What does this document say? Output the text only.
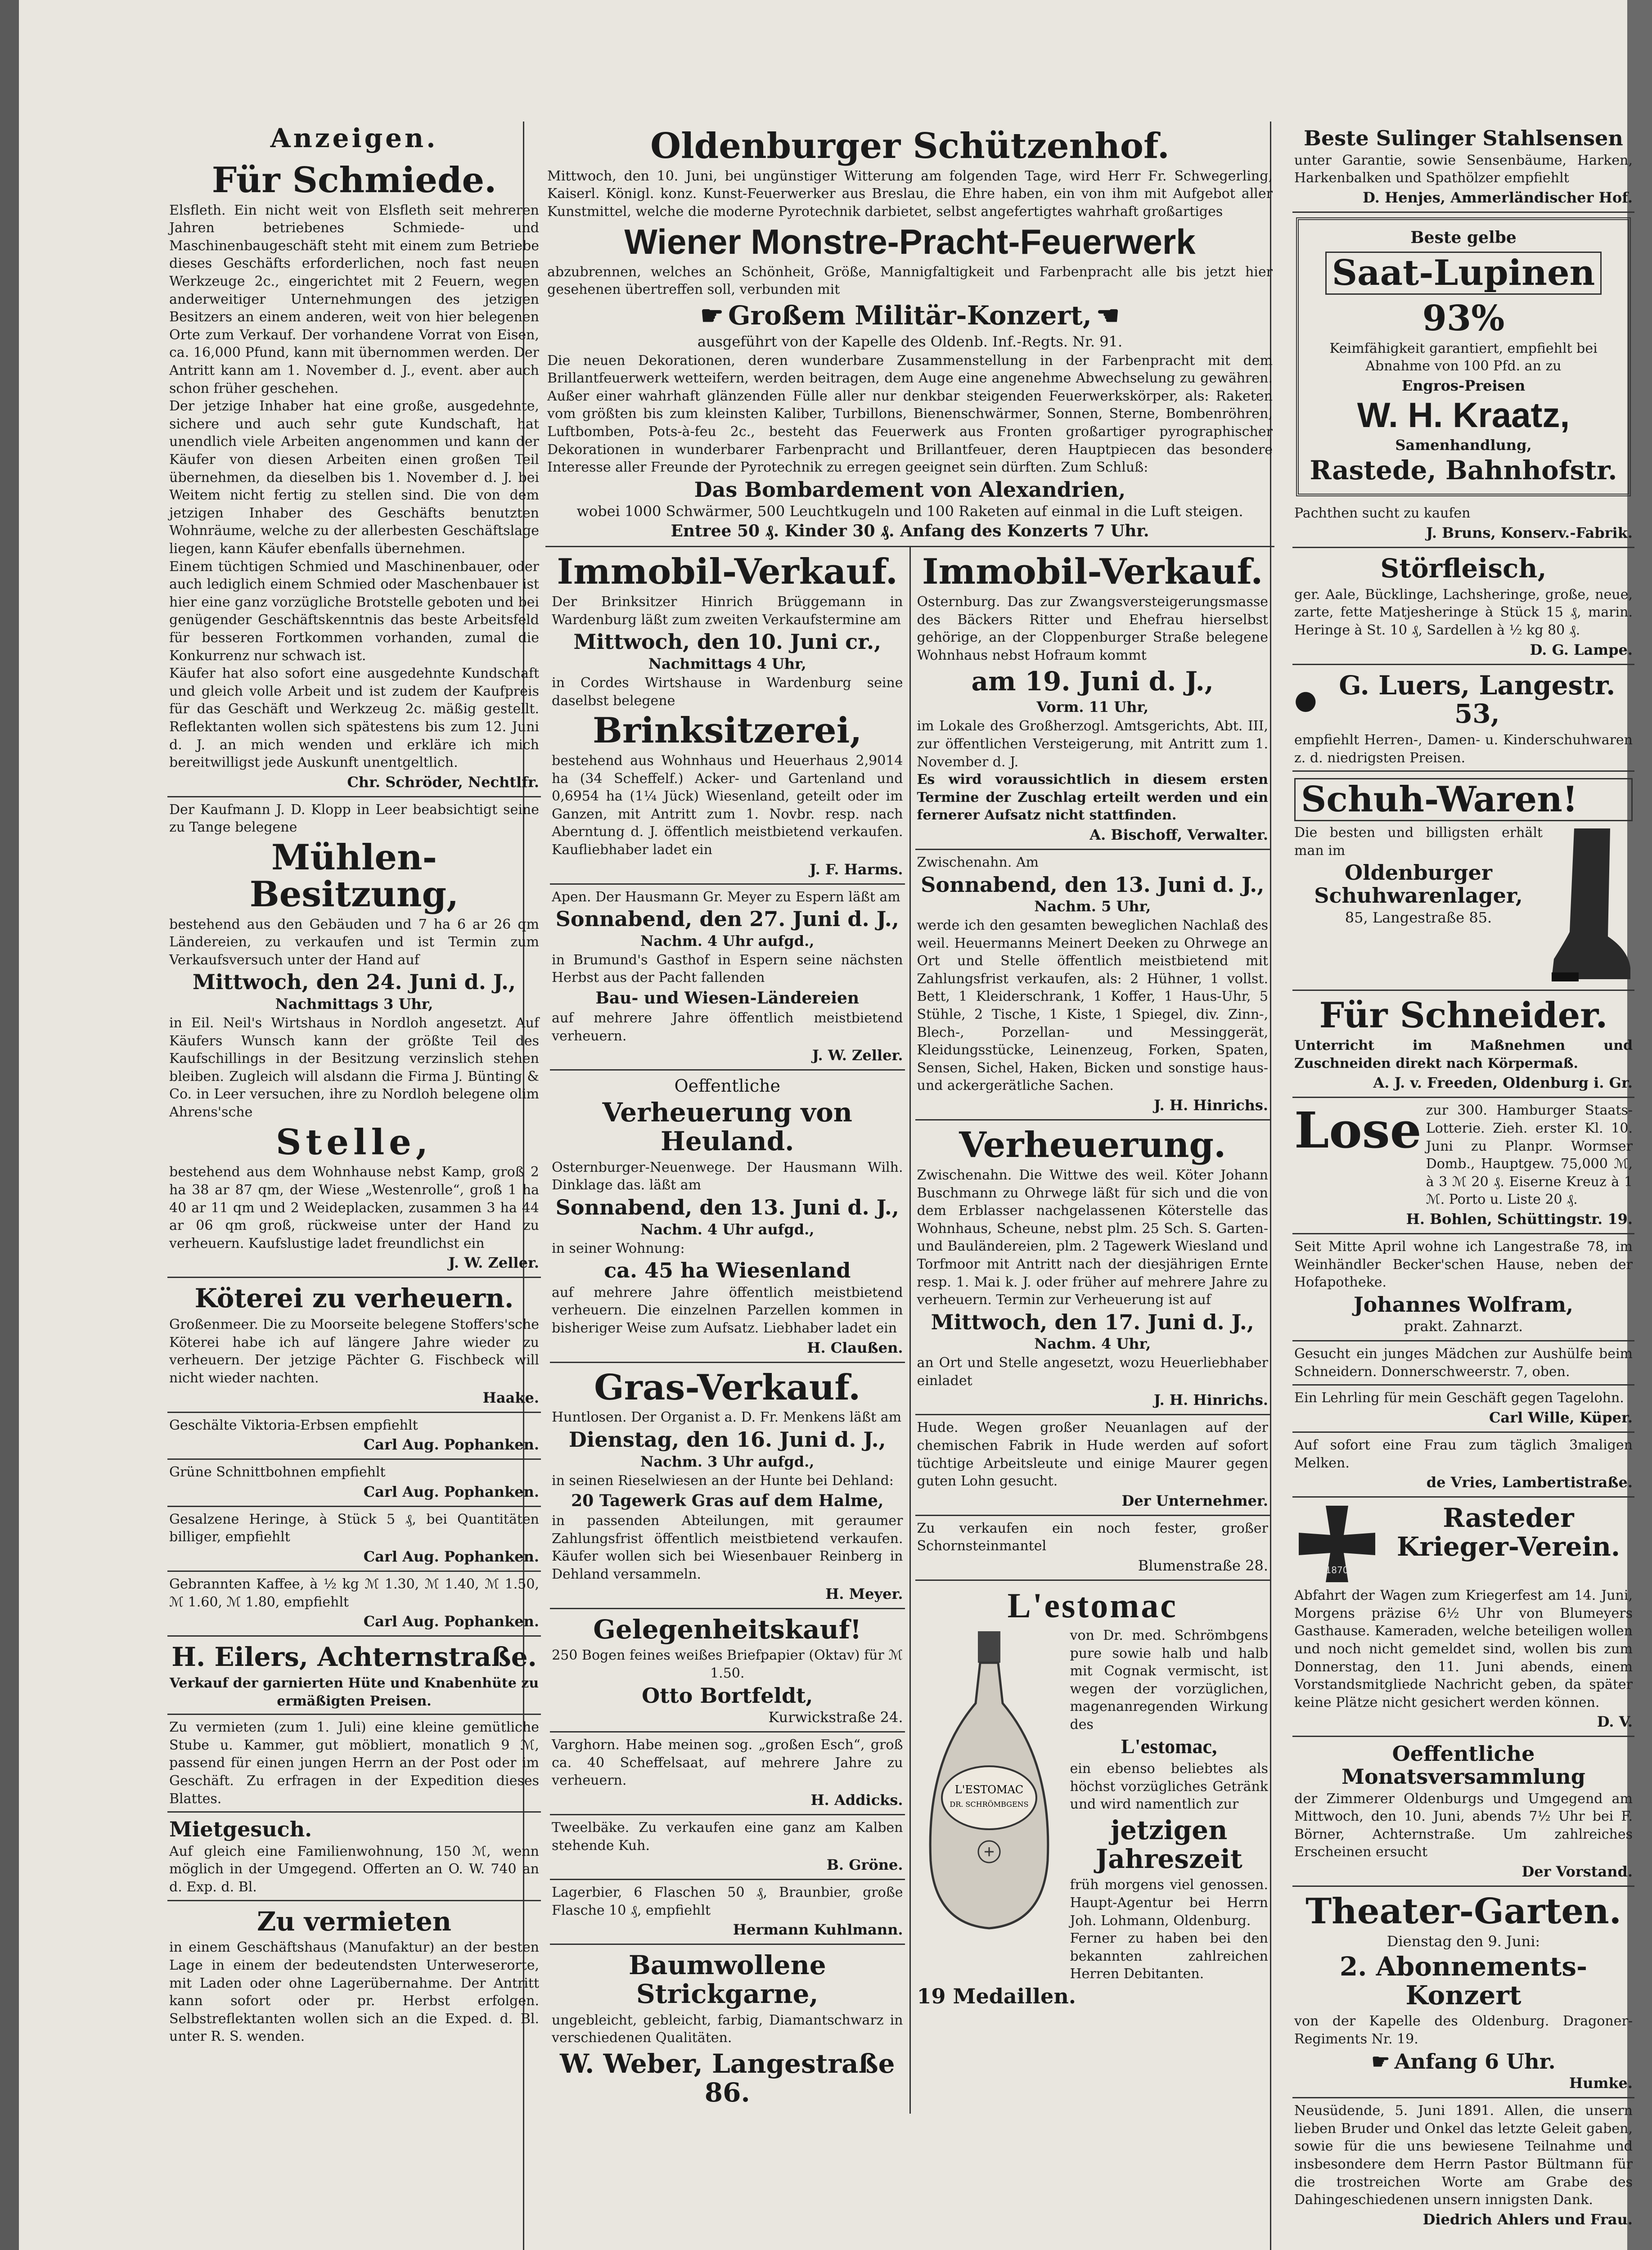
Anzeigen.
Für Schmiede.

Elsfleth. Ein nicht weit von Elsfleth seit mehreren Jahren betriebenes Schmiede- und Maschinenbaugeschäft steht mit einem zum Betriebe dieses Geschäfts erforderlichen, noch fast neuen Werkzeuge 2c., eingerichtet mit 2 Feuern, wegen anderweitiger Unternehmungen des jetzigen Besitzers an einem anderen, weit von hier belegenen Orte zum Verkauf. Der vorhandene Vorrat von Eisen, ca. 16,000 Pfund, kann mit übernommen werden. Der Antritt kann am 1. November d. J., event. aber auch schon früher geschehen.

Der jetzige Inhaber hat eine große, ausgedehnte, sichere und auch sehr gute Kundschaft, hat unendlich viele Arbeiten angenommen und kann der Käufer von diesen Arbeiten einen großen Teil übernehmen, da dieselben bis 1. November d. J. bei Weitem nicht fertig zu stellen sind. Die von dem jetzigen Inhaber des Geschäfts benutzten Wohnräume, welche zu der allerbesten Geschäftslage liegen, kann Käufer ebenfalls übernehmen.

Einem tüchtigen Schmied und Maschinenbauer, oder auch lediglich einem Schmied oder Maschenbauer ist hier eine ganz vorzügliche Brotstelle geboten und bei genügender Geschäftskenntnis das beste Arbeitsfeld für besseren Fortkommen vorhanden, zumal die Konkurrenz nur schwach ist.

Käufer hat also sofort eine ausgedehnte Kundschaft und gleich volle Arbeit und ist zudem der Kaufpreis für das Geschäft und Werkzeug 2c. mäßig gestellt. Reflektanten wollen sich spätestens bis zum 12. Juni d. J. an mich wenden und erkläre ich mich bereitwilligst jede Auskunft unentgeltlich.

Chr. Schröder, Nechtlfr.

Der Kaufmann J. D. Klopp in Leer beabsichtigt seine zu Tange belegene

Mühlen-Besitzung,

bestehend aus den Gebäuden und 7 ha 6 ar 26 qm Ländereien, zu verkaufen und ist Termin zum Verkaufsversuch unter der Hand auf

Mittwoch, den 24. Juni d. J.,
Nachmittags 3 Uhr,

in Eil. Neil's Wirtshaus in Nordloh angesetzt. Auf Käufers Wunsch kann der größte Teil des Kaufschillings in der Besitzung verzinslich stehen bleiben. Zugleich will alsdann die Firma J. Bünting & Co. in Leer versuchen, ihre zu Nordloh belegene olim Ahrens'sche

Stelle,

bestehend aus dem Wohnhause nebst Kamp, groß 2 ha 38 ar 87 qm, der Wiese „Westenrolle“, groß 1 ha 40 ar 11 qm und 2 Weideplacken, zusammen 3 ha 44 ar 06 qm groß, rückweise unter der Hand zu verheuern. Kaufslustige ladet freundlichst ein

J. W. Zeller.
Köterei zu verheuern.

Großenmeer. Die zu Moorseite belegene Stoffers'sche Köterei habe ich auf längere Jahre wieder zu verheuern. Der jetzige Pächter G. Fischbeck will nicht wieder nachten.

Haake.

Geschälte Viktoria-Erbsen empfiehlt

Carl Aug. Pophanken.

Grüne Schnittbohnen empfiehlt

Carl Aug. Pophanken.

Gesalzene Heringe, à Stück 5 ₰, bei Quantitäten billiger, empfiehlt

Carl Aug. Pophanken.

Gebrannten Kaffee, à ½ kg ℳ 1.30, ℳ 1.40, ℳ 1.50, ℳ 1.60, ℳ 1.80, empfiehlt

Carl Aug. Pophanken.
H. Eilers, Achternstraße.

Verkauf der garnierten Hüte und Knabenhüte zu ermäßigten Preisen.

Zu vermieten (zum 1. Juli) eine kleine gemütliche Stube u. Kammer, gut möbliert, monatlich 9 ℳ, passend für einen jungen Herrn an der Post oder im Geschäft. Zu erfragen in der Expedition dieses Blattes.

Mietgesuch.

Auf gleich eine Familienwohnung, 150 ℳ, wenn möglich in der Umgegend. Offerten an O. W. 740 an d. Exp. d. Bl.

Zu vermieten

in einem Geschäftshaus (Manufaktur) an der besten Lage in einem der bedeutendsten Unterweserorte, mit Laden oder ohne Lagerübernahme. Der Antritt kann sofort oder pr. Herbst erfolgen. Selbstreflektanten wollen sich an die Exped. d. Bl. unter R. S. wenden.

Oldenburger Schützenhof.

Mittwoch, den 10. Juni, bei ungünstiger Witterung am folgenden Tage, wird Herr Fr. Schwegerling, Kaiserl. Königl. konz. Kunst-Feuerwerker aus Breslau, die Ehre haben, ein von ihm mit Aufgebot aller Kunstmittel, welche die moderne Pyrotechnik darbietet, selbst angefertigtes wahrhaft großartiges

Wiener Monstre-Pracht-Feuerwerk

abzubrennen, welches an Schönheit, Größe, Mannigfaltigkeit und Farbenpracht alle bis jetzt hier gesehenen übertreffen soll, verbunden mit

☛ Großem Militär-Konzert, ☚
ausgeführt von der Kapelle des Oldenb. Inf.-Regts. Nr. 91.

Die neuen Dekorationen, deren wunderbare Zusammenstellung in der Farbenpracht mit dem Brillantfeuerwerk wetteifern, werden beitragen, dem Auge eine angenehme Abwechselung zu gewähren. Außer einer wahrhaft glänzenden Fülle aller nur denkbar steigenden Feuerwerkskörper, als: Raketen vom größten bis zum kleinsten Kaliber, Turbillons, Bienenschwärmer, Sonnen, Sterne, Bombenröhren, Luftbomben, Pots-à-feu 2c., besteht das Feuerwerk aus Fronten großartiger pyrographischer Dekorationen in wunderbarer Farbenpracht und Brillantfeuer, deren Hauptpiecen das besondere Interesse aller Freunde der Pyrotechnik zu erregen geeignet sein dürften. Zum Schluß:

Das Bombardement von Alexandrien,
wobei 1000 Schwärmer, 500 Leuchtkugeln und 100 Raketen auf einmal in die Luft steigen.
Entree 50 ₰. Kinder 30 ₰. Anfang des Konzerts 7 Uhr.
Immobil-Verkauf.

Der Brinksitzer Hinrich Brüggemann in Wardenburg läßt zum zweiten Verkaufstermine am

Mittwoch, den 10. Juni cr.,
Nachmittags 4 Uhr,

in Cordes Wirtshause in Wardenburg seine daselbst belegene

Brinksitzerei,

bestehend aus Wohnhaus und Heuerhaus 2,9014 ha (34 Scheffelf.) Acker- und Gartenland und 0,6954 ha (1¼ Jück) Wiesenland, geteilt oder im Ganzen, mit Antritt zum 1. Novbr. resp. nach Aberntung d. J. öffentlich meistbietend verkaufen. Kaufliebhaber ladet ein

J. F. Harms.

Apen. Der Hausmann Gr. Meyer zu Espern läßt am

Sonnabend, den 27. Juni d. J.,
Nachm. 4 Uhr aufgd.,

in Brumund's Gasthof in Espern seine nächsten Herbst aus der Pacht fallenden

Bau- und Wiesen-Ländereien

auf mehrere Jahre öffentlich meistbietend verheuern.

J. W. Zeller.
Oeffentliche
Verheuerung von Heuland.

Osternburger-Neuenwege. Der Hausmann Wilh. Dinklage das. läßt am

Sonnabend, den 13. Juni d. J.,
Nachm. 4 Uhr aufgd.,

in seiner Wohnung:

ca. 45 ha Wiesenland

auf mehrere Jahre öffentlich meistbietend verheuern. Die einzelnen Parzellen kommen in bisheriger Weise zum Aufsatz. Liebhaber ladet ein

H. Claußen.
Gras-Verkauf.

Huntlosen. Der Organist a. D. Fr. Menkens läßt am

Dienstag, den 16. Juni d. J.,
Nachm. 3 Uhr aufgd.,

in seinen Rieselwiesen an der Hunte bei Dehland:

20 Tagewerk Gras auf dem Halme,

in passenden Abteilungen, mit geraumer Zahlungsfrist öffentlich meistbietend verkaufen. Käufer wollen sich bei Wiesenbauer Reinberg in Dehland versammeln.

H. Meyer.
Gelegenheitskauf!

250 Bogen feines weißes Briefpapier (Oktav) für ℳ 1.50.

Otto Bortfeldt,
Kurwickstraße 24.

Varghorn. Habe meinen sog. „großen Esch“, groß ca. 40 Scheffelsaat, auf mehrere Jahre zu verheuern.

H. Addicks.

Tweelbäke. Zu verkaufen eine ganz am Kalben stehende Kuh.

B. Gröne.

Lagerbier, 6 Flaschen 50 ₰, Braunbier, große Flasche 10 ₰, empfiehlt

Hermann Kuhlmann.
Baumwollene Strickgarne,

ungebleicht, gebleicht, farbig, Diamantschwarz in verschiedenen Qualitäten.

W. Weber, Langestraße 86.
Immobil-Verkauf.

Osternburg. Das zur Zwangsversteigerungsmasse des Bäckers Ritter und Ehefrau hierselbst gehörige, an der Cloppenburger Straße belegene Wohnhaus nebst Hofraum kommt

am 19. Juni d. J.,
Vorm. 11 Uhr,

im Lokale des Großherzogl. Amtsgerichts, Abt. III, zur öffentlichen Versteigerung, mit Antritt zum 1. November d. J.

Es wird voraussichtlich in diesem ersten Termine der Zuschlag erteilt werden und ein fernerer Aufsatz nicht stattfinden.

A. Bischoff, Verwalter.

Zwischenahn. Am

Sonnabend, den 13. Juni d. J.,
Nachm. 5 Uhr,

werde ich den gesamten beweglichen Nachlaß des weil. Heuermanns Meinert Deeken zu Ohrwege an Ort und Stelle öffentlich meistbietend mit Zahlungsfrist verkaufen, als: 2 Hühner, 1 vollst. Bett, 1 Kleiderschrank, 1 Koffer, 1 Haus-Uhr, 5 Stühle, 2 Tische, 1 Kiste, 1 Spiegel, div. Zinn-, Blech-, Porzellan- und Messinggerät, Kleidungsstücke, Leinenzeug, Forken, Spaten, Sensen, Sichel, Haken, Bicken und sonstige haus- und ackergerätliche Sachen.

J. H. Hinrichs.
Verheuerung.

Zwischenahn. Die Wittwe des weil. Köter Johann Buschmann zu Ohrwege läßt für sich und die von dem Erblasser nachgelassenen Köterstelle das Wohnhaus, Scheune, nebst plm. 25 Sch. S. Garten- und Bauländereien, plm. 2 Tagewerk Wiesland und Torfmoor mit Antritt nach der diesjährigen Ernte resp. 1. Mai k. J. oder früher auf mehrere Jahre zu verheuern. Termin zur Verheuerung ist auf

Mittwoch, den 17. Juni d. J.,
Nachm. 4 Uhr,

an Ort und Stelle angesetzt, wozu Heuerliebhaber einladet

J. H. Hinrichs.

Hude. Wegen großer Neuanlagen auf der chemischen Fabrik in Hude werden auf sofort tüchtige Arbeitsleute und einige Maurer gegen guten Lohn gesucht.

Der Unternehmer.

Zu verkaufen ein noch fester, großer Schornsteinmantel

Blumenstraße 28.
L'estomac
L'ESTOMAC
DR. SCHRÖMBGENS

von Dr. med. Schrömbgens pure sowie halb und halb mit Cognak vermischt, ist wegen der vorzüglichen, magenanregenden Wirkung des

L'estomac,

ein ebenso beliebtes als höchst vorzügliches Getränk und wird namentlich zur

jetzigen Jahreszeit

früh morgens viel genossen. Haupt-Agentur bei Herrn Joh. Lohmann, Oldenburg.

Ferner zu haben bei den bekannten zahlreichen Herren Debitanten.

19 Medaillen.
Beste Sulinger Stahlsensen

unter Garantie, sowie Sensenbäume, Harken, Harkenbalken und Spathölzer empfiehlt

D. Henjes, Ammerländischer Hof.
Beste gelbe
Saat-Lupinen
93%

Keimfähigkeit garantiert, empfiehlt bei Abnahme von 100 Pfd. an zu

Engros-Preisen
W. H. Kraatz,
Samenhandlung,
Rastede, Bahnhofstr.

Pachthen sucht zu kaufen

J. Bruns, Konserv.-Fabrik.
Störfleisch,

ger. Aale, Bücklinge, Lachsheringe, große, neue, zarte, fette Matjesheringe à Stück 15 ₰, marin. Heringe à St. 10 ₰, Sardellen à ½ kg 80 ₰.

D. G. Lampe.
● G. Luers, Langestr. 53,

empfiehlt Herren-, Damen- u. Kinderschuhwaren z. d. niedrigsten Preisen.

Schuh-Waren!

Die besten und billigsten erhält man im

Oldenburger Schuhwarenlager,
85, Langestraße 85.
Für Schneider.

Unterricht im Maßnehmen und Zuschneiden direkt nach Körpermaß.

A. J. v. Freeden, Oldenburg i. Gr.
Lose zur 300. Hamburger Staats-Lotterie. Zieh. erster Kl. 10. Juni zu Planpr. Wormser Domb., Hauptgew. 75,000 ℳ, à 3 ℳ 20 ₰. Eiserne Kreuz à 1 ℳ. Porto u. Liste 20 ₰.

H. Bohlen, Schüttingstr. 19.

Seit Mitte April wohne ich Langestraße 78, im Weinhändler Becker'schen Hause, neben der Hofapotheke.

Johannes Wolfram,
prakt. Zahnarzt.

Gesucht ein junges Mädchen zur Aushülfe beim Schneidern. Donnerschweerstr. 7, oben.

Ein Lehrling für mein Geschäft gegen Tagelohn.

Carl Wille, Küper.

Auf sofort eine Frau zum täglich 3maligen Melken.

de Vries, Lambertistraße.
1870
Rasteder Krieger-Verein.

Abfahrt der Wagen zum Kriegerfest am 14. Juni, Morgens präzise 6½ Uhr von Blumeyers Gasthause. Kameraden, welche beteiligen wollen und noch nicht gemeldet sind, wollen bis zum Donnerstag, den 11. Juni abends, einem Vorstandsmitgliede Nachricht geben, da später keine Plätze nicht gesichert werden können.

D. V.
Oeffentliche Monatsversammlung

der Zimmerer Oldenburgs und Umgegend am Mittwoch, den 10. Juni, abends 7½ Uhr bei F. Börner, Achternstraße. Um zahlreiches Erscheinen ersucht

Der Vorstand.
Theater-Garten.
Dienstag den 9. Juni:
2. Abonnements-Konzert

von der Kapelle des Oldenburg. Dragoner-Regiments Nr. 19.

☛ Anfang 6 Uhr.
Humke.

Neusüdende, 5. Juni 1891. Allen, die unsern lieben Bruder und Onkel das letzte Geleit gaben, sowie für die uns bewiesene Teilnahme und insbesondere dem Herrn Pastor Bültmann für die trostreichen Worte am Grabe des Dahingeschiedenen unsern innigsten Dank.

Diedrich Ahlers und Frau.
